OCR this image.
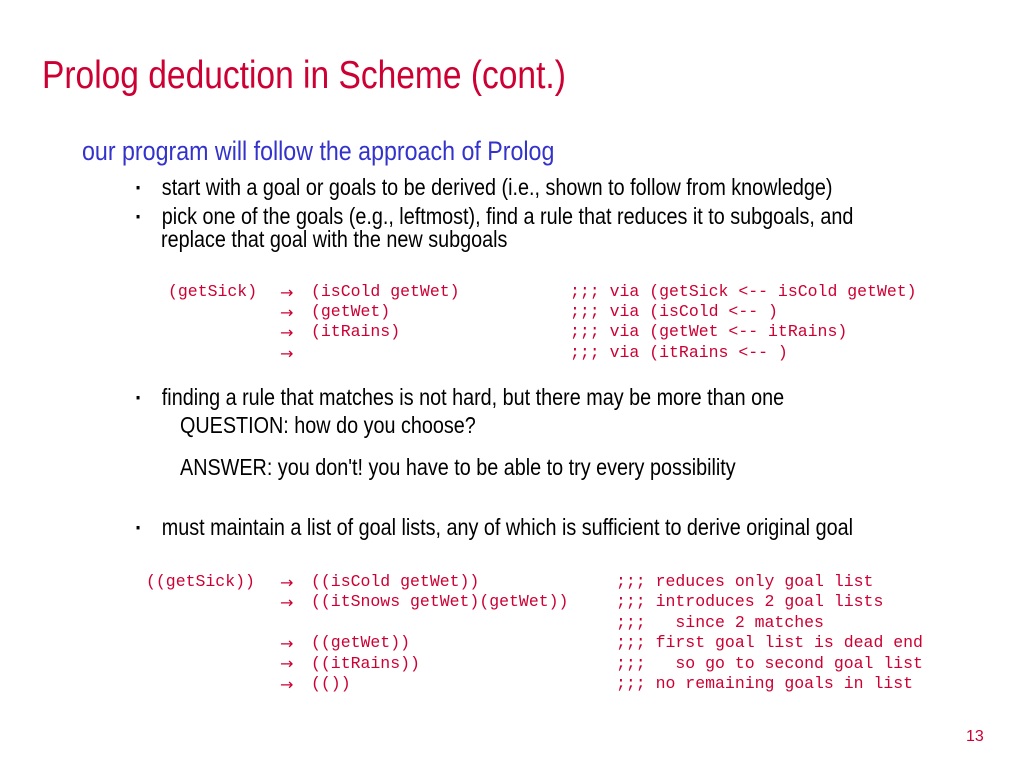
Prolog deduction in Scheme (cont.)
our program will follow the approach of Prolog
▪ start with a goal or goals to be derived (i.e., shown to follow from knowledge)
▪ pick one of the goals (e.g., leftmost), find a rule that reduces it to subgoals, and
replace that goal with the new subgoals
(getSick) →
→
→
→
(isCold getWet)
(getWet)
(itRains)
;;; via (getSick <-- isCold getWet)
;;; via (isCold <-- )
;;; via (getWet <-- itRains)
;;; via (itRains <-- )
▪ finding a rule that matches is not hard, but there may be more than one
QUESTION: how do you choose?
ANSWER: you don't! you have to be able to try every possibility
▪ must maintain a list of goal lists, any of which is sufficient to derive original goal
((getSick)) →
→
→
→
→
((isCold getWet))
((itSnows getWet)(getWet))
((getWet))
((itRains))
(())
;;; reduces only goal list
;;; introduces 2 goal lists
;;;   since 2 matches
;;; first goal list is dead end
;;;   so go to second goal list
;;; no remaining goals in list
13
